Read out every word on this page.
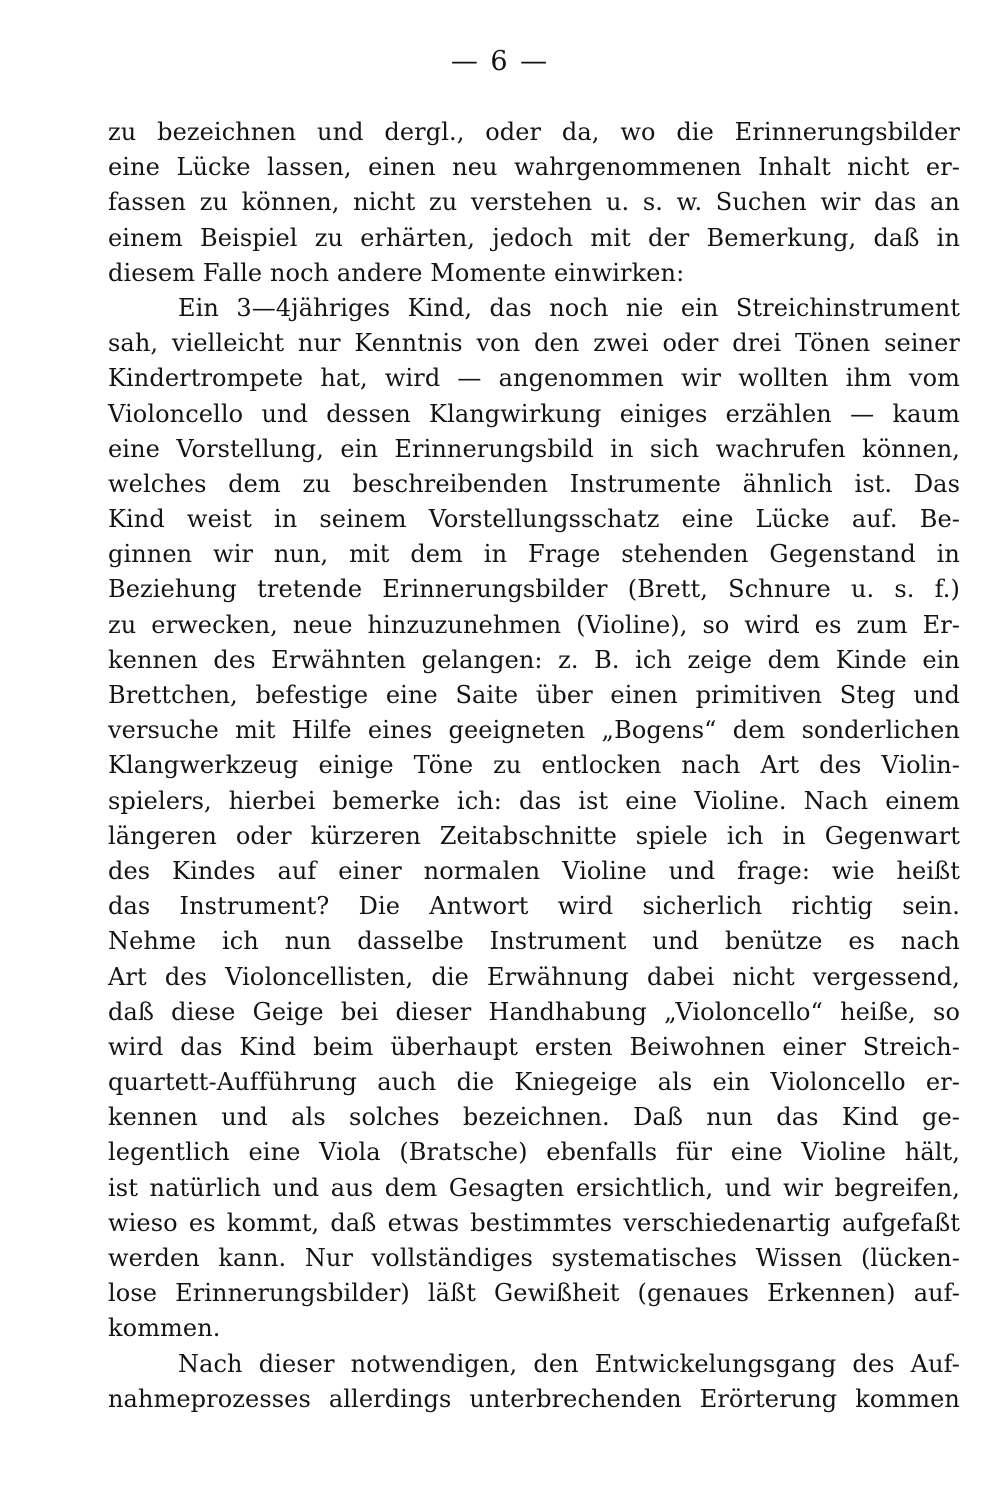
— 6 —
zu bezeichnen und dergl., oder da, wo die Erinnerungsbilder
eine Lücke lassen, einen neu wahrgenommenen Inhalt nicht er-
fassen zu können, nicht zu verstehen u. s. w. Suchen wir das an
einem Beispiel zu erhärten, jedoch mit der Bemerkung, daß in
diesem Falle noch andere Momente einwirken:
Ein 3—4jähriges Kind, das noch nie ein Streichinstrument
sah, vielleicht nur Kenntnis von den zwei oder drei Tönen seiner
Kindertrompete hat, wird — angenommen wir wollten ihm vom
Violoncello und dessen Klangwirkung einiges erzählen — kaum
eine Vorstellung, ein Erinnerungsbild in sich wachrufen können,
welches dem zu beschreibenden Instrumente ähnlich ist. Das
Kind weist in seinem Vorstellungsschatz eine Lücke auf. Be-
ginnen wir nun, mit dem in Frage stehenden Gegenstand in
Beziehung tretende Erinnerungsbilder (Brett, Schnure u. s. f.)
zu erwecken, neue hinzuzunehmen (Violine), so wird es zum Er-
kennen des Erwähnten gelangen: z. B. ich zeige dem Kinde ein
Brettchen, befestige eine Saite über einen primitiven Steg und
versuche mit Hilfe eines geeigneten „Bogens“ dem sonderlichen
Klangwerkzeug einige Töne zu entlocken nach Art des Violin-
spielers, hierbei bemerke ich: das ist eine Violine. Nach einem
längeren oder kürzeren Zeitabschnitte spiele ich in Gegenwart
des Kindes auf einer normalen Violine und frage: wie heißt
das Instrument? Die Antwort wird sicherlich richtig sein.
Nehme ich nun dasselbe Instrument und benütze es nach
Art des Violoncellisten, die Erwähnung dabei nicht vergessend,
daß diese Geige bei dieser Handhabung „Violoncello“ heiße, so
wird das Kind beim überhaupt ersten Beiwohnen einer Streich-
quartett-Aufführung auch die Kniegeige als ein Violoncello er-
kennen und als solches bezeichnen. Daß nun das Kind ge-
legentlich eine Viola (Bratsche) ebenfalls für eine Violine hält,
ist natürlich und aus dem Gesagten ersichtlich, und wir begreifen,
wieso es kommt, daß etwas bestimmtes verschiedenartig aufgefaßt
werden kann. Nur vollständiges systematisches Wissen (lücken-
lose Erinnerungsbilder) läßt Gewißheit (genaues Erkennen) auf-
kommen.
Nach dieser notwendigen, den Entwickelungsgang des Auf-
nahmeprozesses allerdings unterbrechenden Erörterung kommen
